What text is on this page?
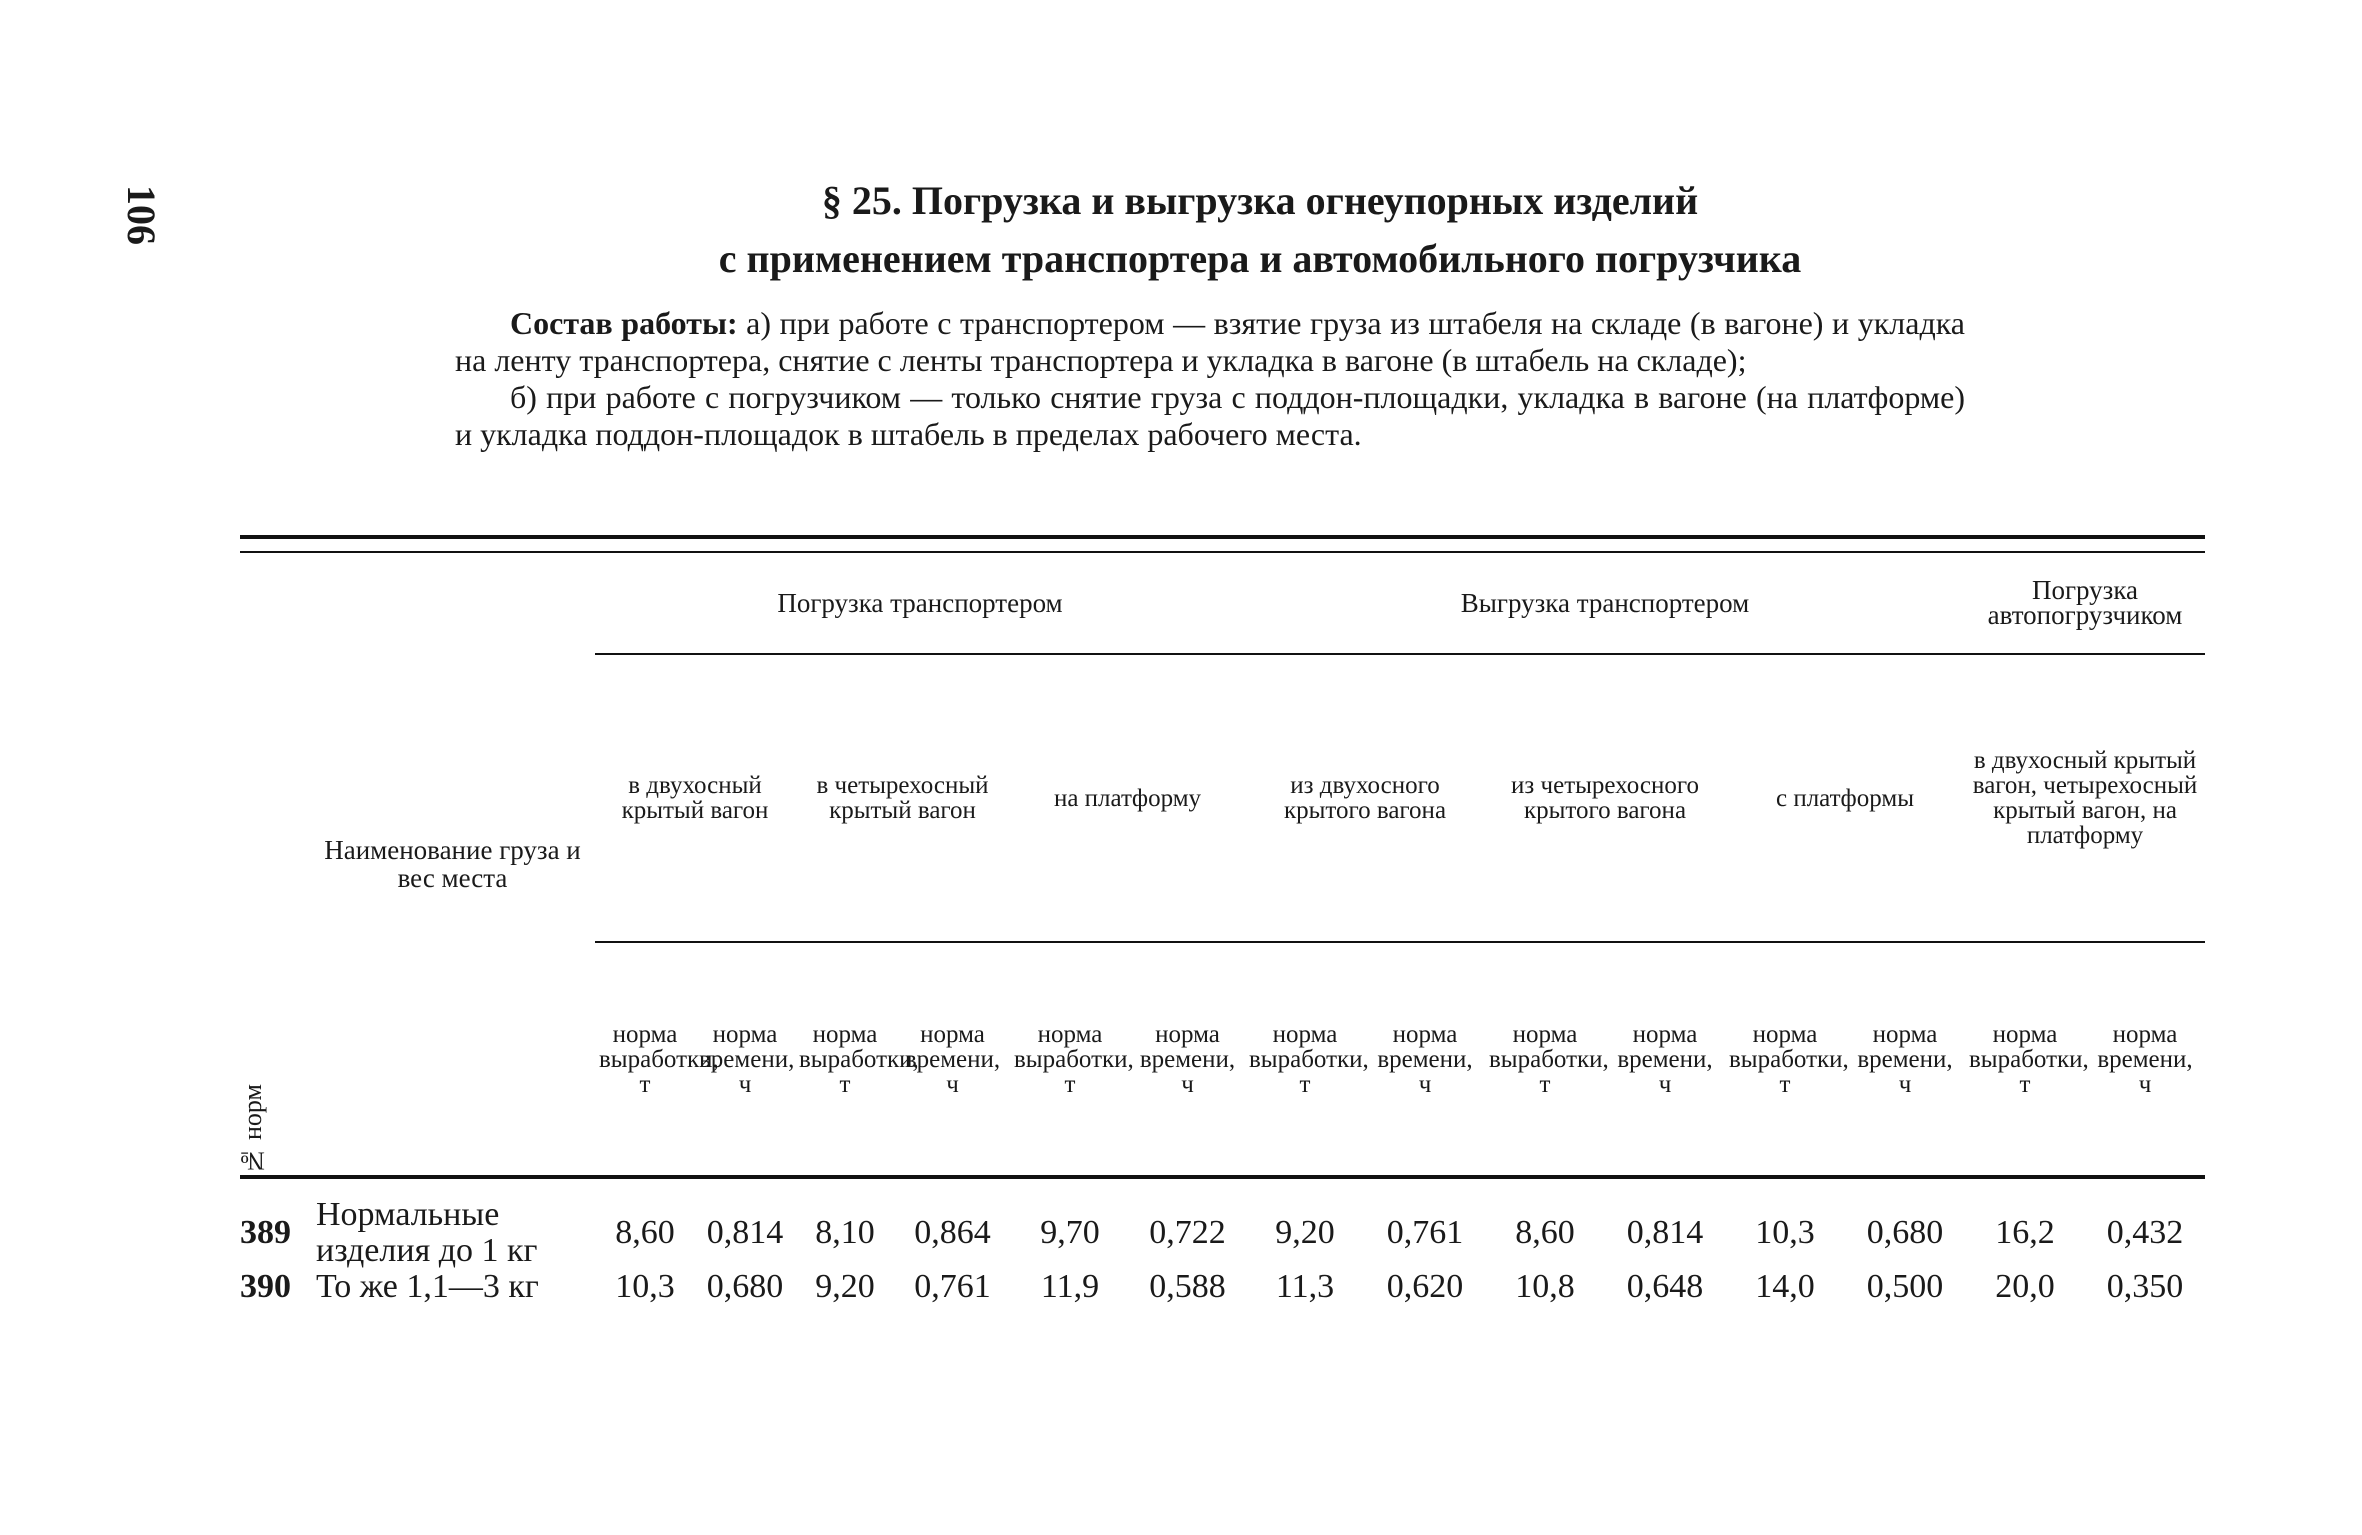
106	§ 25. Погрузка и выгрузка огнеупорных изделий
с применением транспортера и автомобильного погрузчика

Состав работы: а) при работе с транспортером — взятие груза из штабеля на складе (в вагоне) и укладка на ленту транспортера, снятие с ленты транспортера и укладка в вагоне (в штабель на складе);

б) при работе с погрузчиком — только снятие груза с поддон-площадки, укладка в вагоне (на платформе) и укладка поддон-площадок в штабель в пределах рабочего места.

№ норм	Наименование груза и вес места	Погрузка транспортером						Выгрузка транспортером						Погрузка автопогрузчиком	
		в двухосный крытый вагон		в четырехосный крытый вагон		на платформу		из двухосного крытого вагона		из четырехосного крытого вагона		с платформы		в двухосный крытый вагон, четырехосный крытый вагон, на платформу	
		норма выработки, т	норма времени, ч	норма выработки, т	норма времени, ч	норма выработки, т	норма времени, ч	норма выработки, т	норма времени, ч	норма выработки, т	норма времени, ч	норма выработки, т	норма времени, ч	норма выработки, т	норма времени, ч

389	Нормальные изделия до 1 кг	8,60	0,814	8,10	0,864	9,70	0,722	9,20	0,761	8,60	0,814	10,3	0,680	16,2	0,432
390	То же 1,1—3 кг	10,3	0,680	9,20	0,761	11,9	0,588	11,3	0,620	10,8	0,648	14,0	0,500	20,0	0,350
